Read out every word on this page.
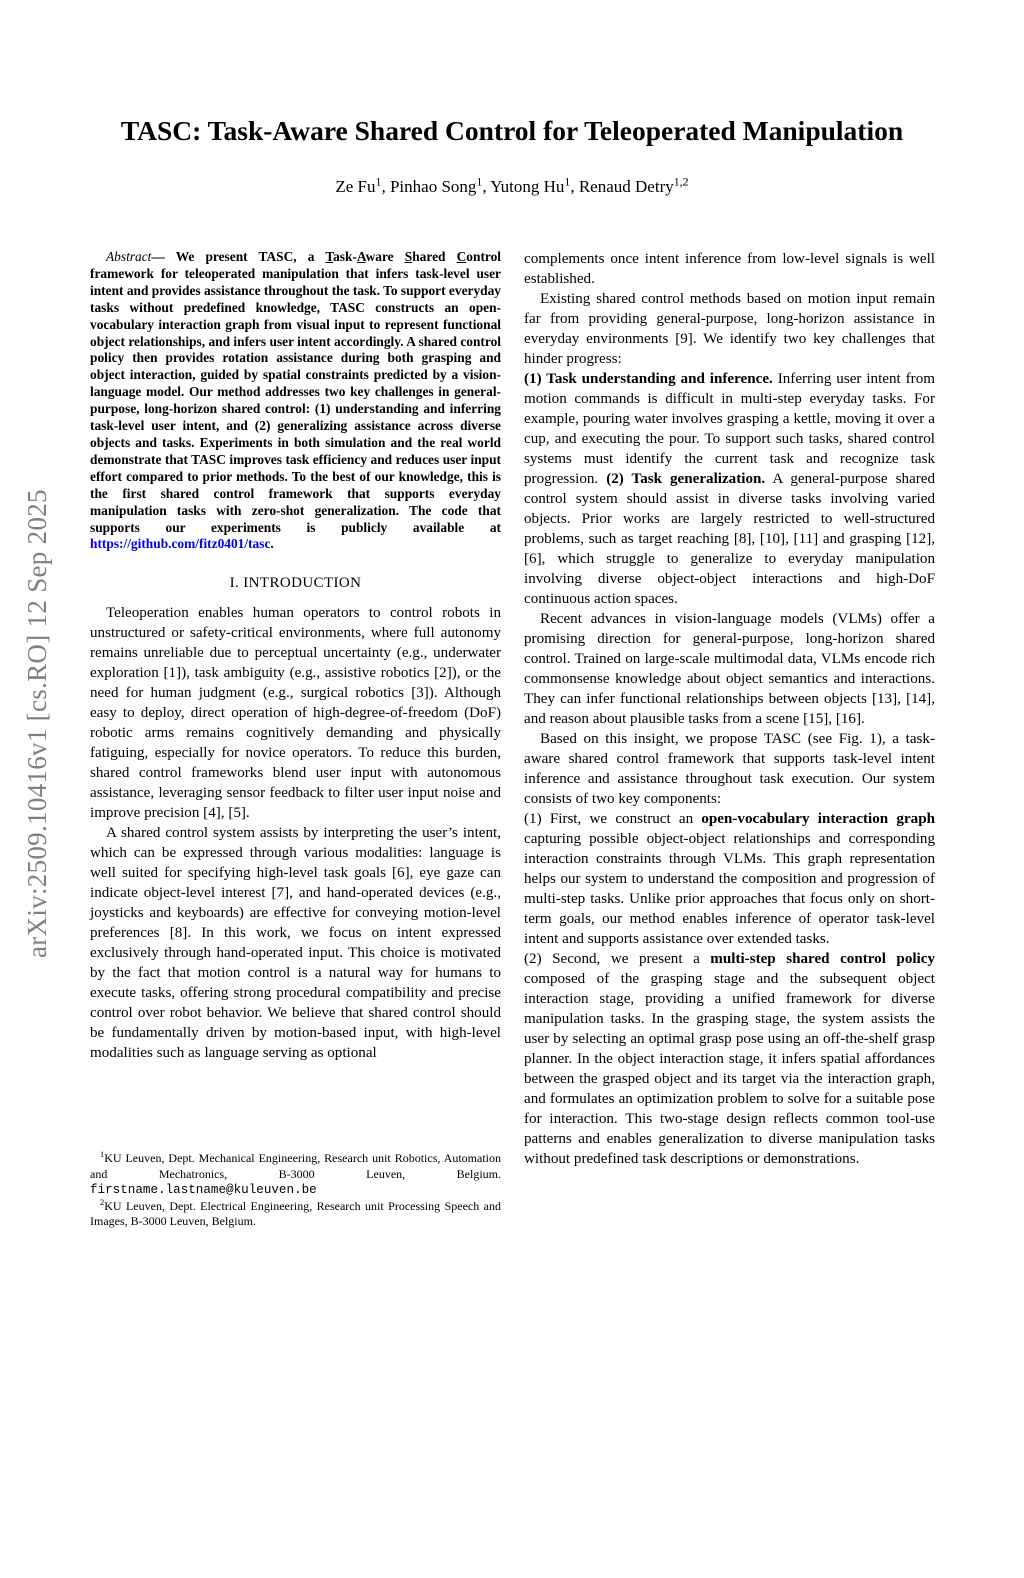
arXiv:2509.10416v1 [cs.RO] 12 Sep 2025
TASC: Task-Aware Shared Control for Teleoperated Manipulation
Ze Fu$^1$, Pinhao Song$^1$, Yutong Hu$^1$, Renaud Detry$^{1,2}$

Abstract— We present TASC, a Task-Aware Shared Control framework for teleoperated manipulation that infers task-level user intent and provides assistance throughout the task. To support everyday tasks without predefined knowledge, TASC constructs an open-vocabulary interaction graph from visual input to represent functional object relationships, and infers user intent accordingly. A shared control policy then provides rotation assistance during both grasping and object interaction, guided by spatial constraints predicted by a vision-language model. Our method addresses two key challenges in general-purpose, long-horizon shared control: (1) understanding and inferring task-level user intent, and (2) generalizing assistance across diverse objects and tasks. Experiments in both simulation and the real world demonstrate that TASC improves task efficiency and reduces user input effort compared to prior methods. To the best of our knowledge, this is the first shared control framework that supports everyday manipulation tasks with zero-shot generalization. The code that supports our experiments is publicly available at https://github.com/fitz0401/tasc.

I. INTRODUCTION

Teleoperation enables human operators to control robots in unstructured or safety-critical environments, where full autonomy remains unreliable due to perceptual uncertainty (e.g., underwater exploration [1]), task ambiguity (e.g., assistive robotics [2]), or the need for human judgment (e.g., surgical robotics [3]). Although easy to deploy, direct operation of high-degree-of-freedom (DoF) robotic arms remains cognitively demanding and physically fatiguing, especially for novice operators. To reduce this burden, shared control frameworks blend user input with autonomous assistance, leveraging sensor feedback to filter user input noise and improve precision [4], [5].

A shared control system assists by interpreting the user’s intent, which can be expressed through various modalities: language is well suited for specifying high-level task goals [6], eye gaze can indicate object-level interest [7], and hand-operated devices (e.g., joysticks and keyboards) are effective for conveying motion-level preferences [8]. In this work, we focus on intent expressed exclusively through hand-operated input. This choice is motivated by the fact that motion control is a natural way for humans to execute tasks, offering strong procedural compatibility and precise control over robot behavior. We believe that shared control should be fundamentally driven by motion-based input, with high-level modalities such as language serving as optional

$^1$KU Leuven, Dept. Mechanical Engineering, Research unit Robotics, Automation and Mechatronics, B-3000 Leuven, Belgium. firstname.lastname@kuleuven.be

$^2$KU Leuven, Dept. Electrical Engineering, Research unit Processing Speech and Images, B-3000 Leuven, Belgium.

complements once intent inference from low-level signals is well established.

Existing shared control methods based on motion input remain far from providing general-purpose, long-horizon assistance in everyday environments [9]. We identify two key challenges that hinder progress:

(1) Task understanding and inference. Inferring user intent from motion commands is difficult in multi-step everyday tasks. For example, pouring water involves grasping a kettle, moving it over a cup, and executing the pour. To support such tasks, shared control systems must identify the current task and recognize task progression. (2) Task generalization. A general-purpose shared control system should assist in diverse tasks involving varied objects. Prior works are largely restricted to well-structured problems, such as target reaching [8], [10], [11] and grasping [12], [6], which struggle to generalize to everyday manipulation involving diverse object-object interactions and high-DoF continuous action spaces.

Recent advances in vision-language models (VLMs) offer a promising direction for general-purpose, long-horizon shared control. Trained on large-scale multimodal data, VLMs encode rich commonsense knowledge about object semantics and interactions. They can infer functional relationships between objects [13], [14], and reason about plausible tasks from a scene [15], [16].

Based on this insight, we propose TASC (see Fig. 1), a task-aware shared control framework that supports task-level intent inference and assistance throughout task execution. Our system consists of two key components:

(1) First, we construct an open-vocabulary interaction graph capturing possible object-object relationships and corresponding interaction constraints through VLMs. This graph representation helps our system to understand the composition and progression of multi-step tasks. Unlike prior approaches that focus only on short-term goals, our method enables inference of operator task-level intent and supports assistance over extended tasks.

(2) Second, we present a multi-step shared control policy composed of the grasping stage and the subsequent object interaction stage, providing a unified framework for diverse manipulation tasks. In the grasping stage, the system assists the user by selecting an optimal grasp pose using an off-the-shelf grasp planner. In the object interaction stage, it infers spatial affordances between the grasped object and its target via the interaction graph, and formulates an optimization problem to solve for a suitable pose for interaction. This two-stage design reflects common tool-use patterns and enables generalization to diverse manipulation tasks without predefined task descriptions or demonstrations.
